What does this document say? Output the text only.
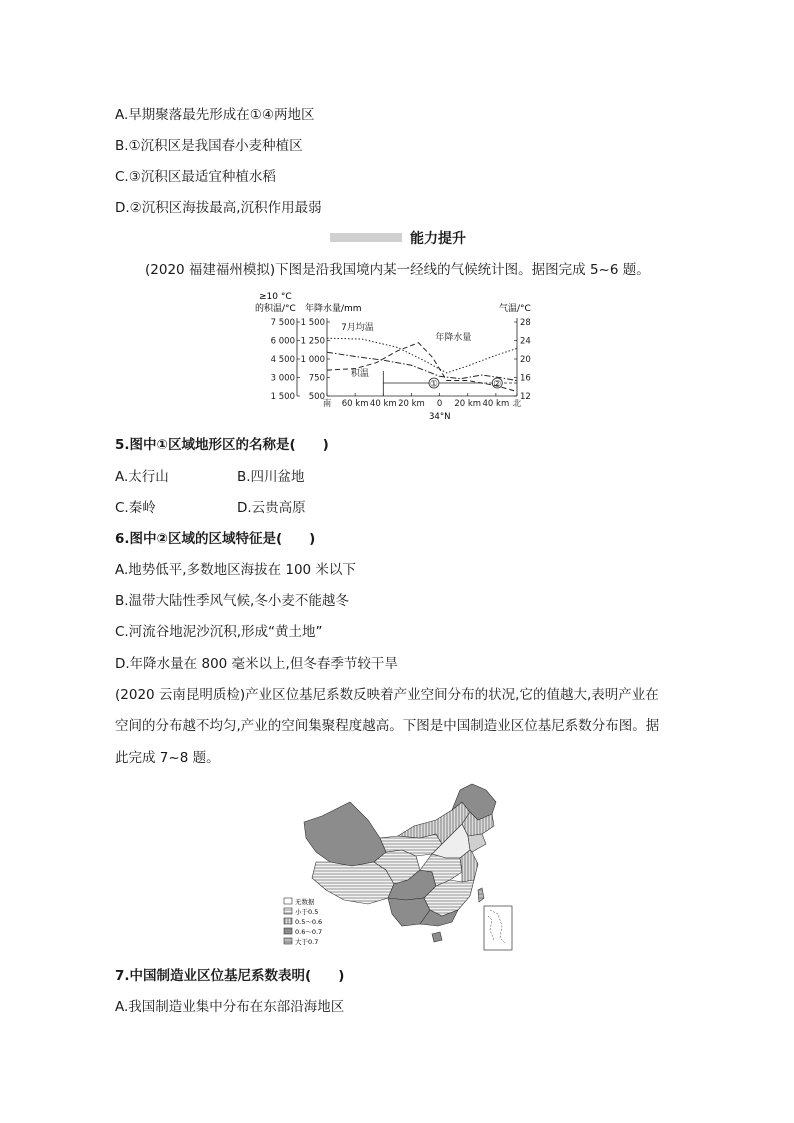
A.早期聚落最先形成在①④两地区
B.①沉积区是我国春小麦种植区
C.③沉积区最适宜种植水稻
D.②沉积区海拔最高,沉积作用最弱
能力提升
(2020 福建福州模拟)下图是沿我国境内某一经线的气候统计图。据图完成 5~6 题。
≥10 °C
的积温/°C 年降水量/mm	气温/°C
34°N
7 500
6 000
4 500
3 000
1 500
1 500
1 250
1 000
750
500
28
24
20
16
12
南 60 km 40 km 20 km 0 20 km 40 km 北
①	②
7月均温
年降水量
积温
5.图中①区域地形区的名称是(　　)
A.太行山	B.四川盆地
C.秦岭	D.云贵高原
6.图中②区域的区域特征是(　　)
A.地势低平,多数地区海拔在 100 米以下
B.温带大陆性季风气候,冬小麦不能越冬
C.河流谷地泥沙沉积,形成“黄土地”
D.年降水量在 800 毫米以上,但冬春季节较干旱
(2020 云南昆明质检)产业区位基尼系数反映着产业空间分布的状况,它的值越大,表明产业在
空间的分布越不均匀,产业的空间集聚程度越高。下图是中国制造业区位基尼系数分布图。据
此完成 7~8 题。
无数据
小于0.5
0.5～0.6
0.6～0.7
大于0.7
7.中国制造业区位基尼系数表明(　　)
A.我国制造业集中分布在东部沿海地区
